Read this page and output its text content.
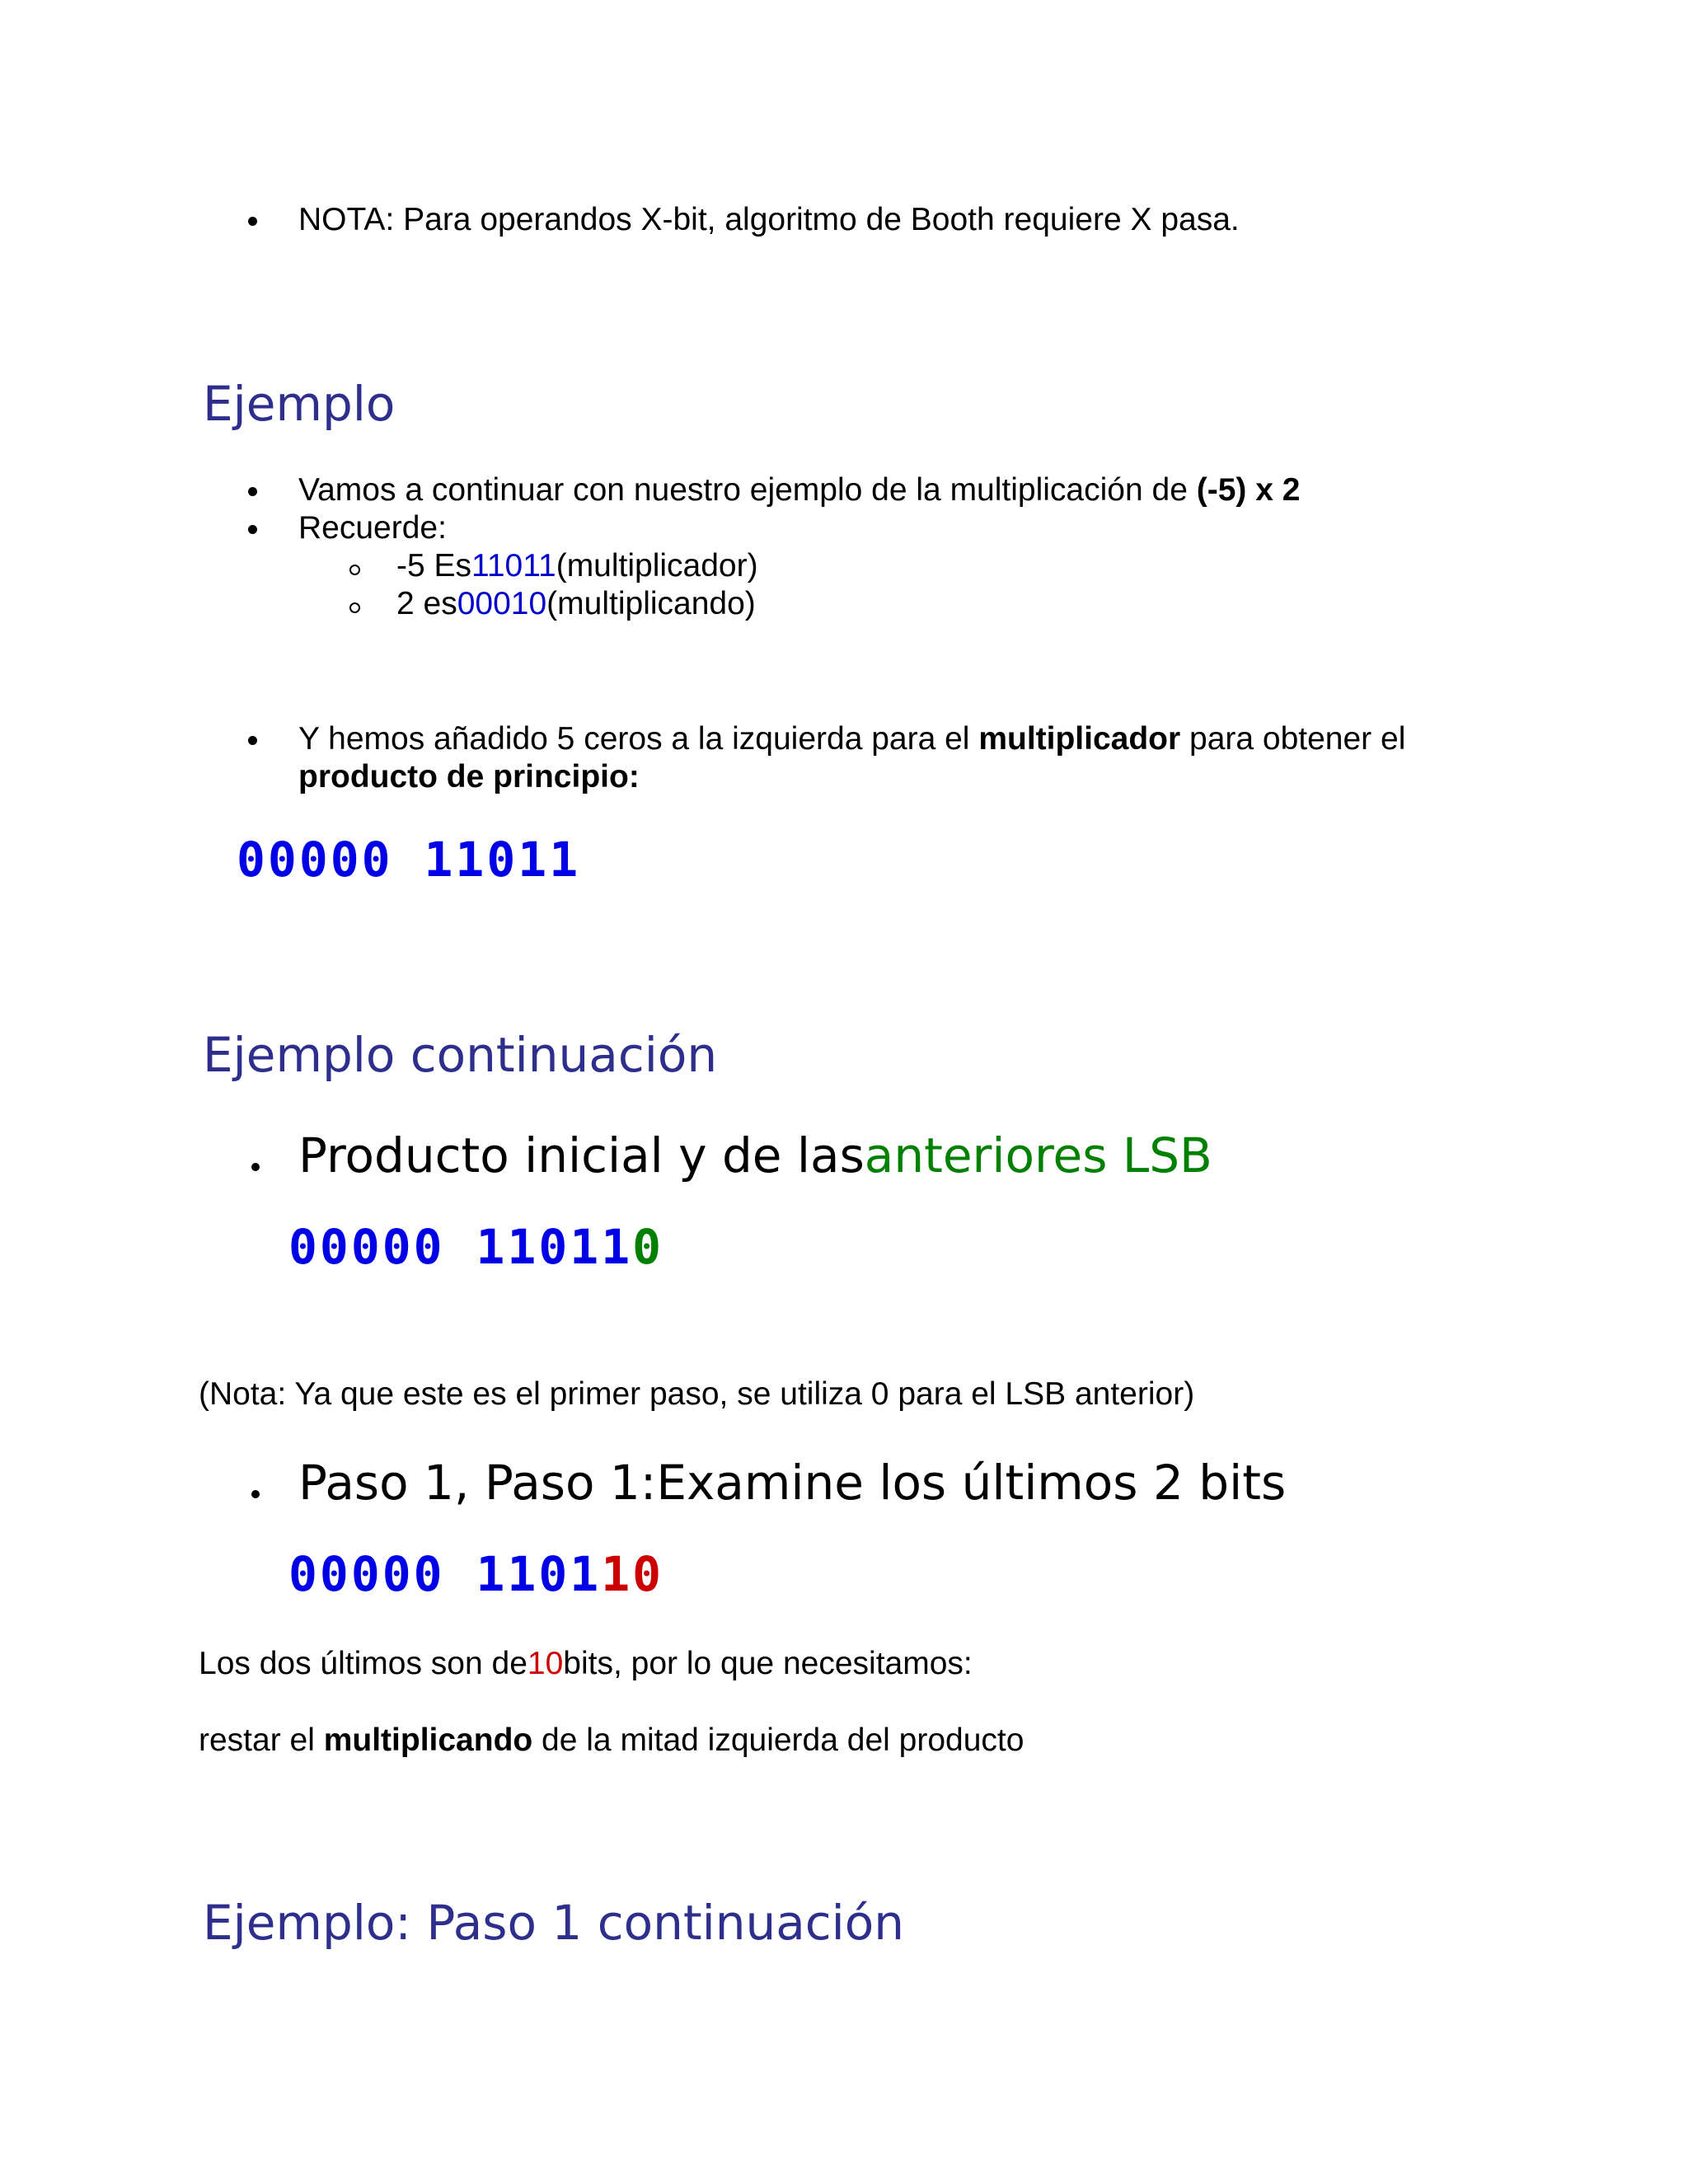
NOTA: Para operandos X-bit, algoritmo de Booth requiere X pasa.
Ejemplo
Vamos a continuar con nuestro ejemplo de la multiplicación de (-5) x 2
Recuerde:
-5 Es11011(multiplicador)
2 es00010(multiplicando)
Y hemos añadido 5 ceros a la izquierda para el multiplicador para obtener el
producto de principio:
00000 11011
Ejemplo continuación
Producto inicial y de lasanteriores LSB
00000 110110
(Nota: Ya que este es el primer paso, se utiliza 0 para el LSB anterior)
Paso 1, Paso 1:Examine los últimos 2 bits
00000 110110
Los dos últimos son de10bits, por lo que necesitamos:
restar el multiplicando de la mitad izquierda del producto
Ejemplo: Paso 1 continuación
